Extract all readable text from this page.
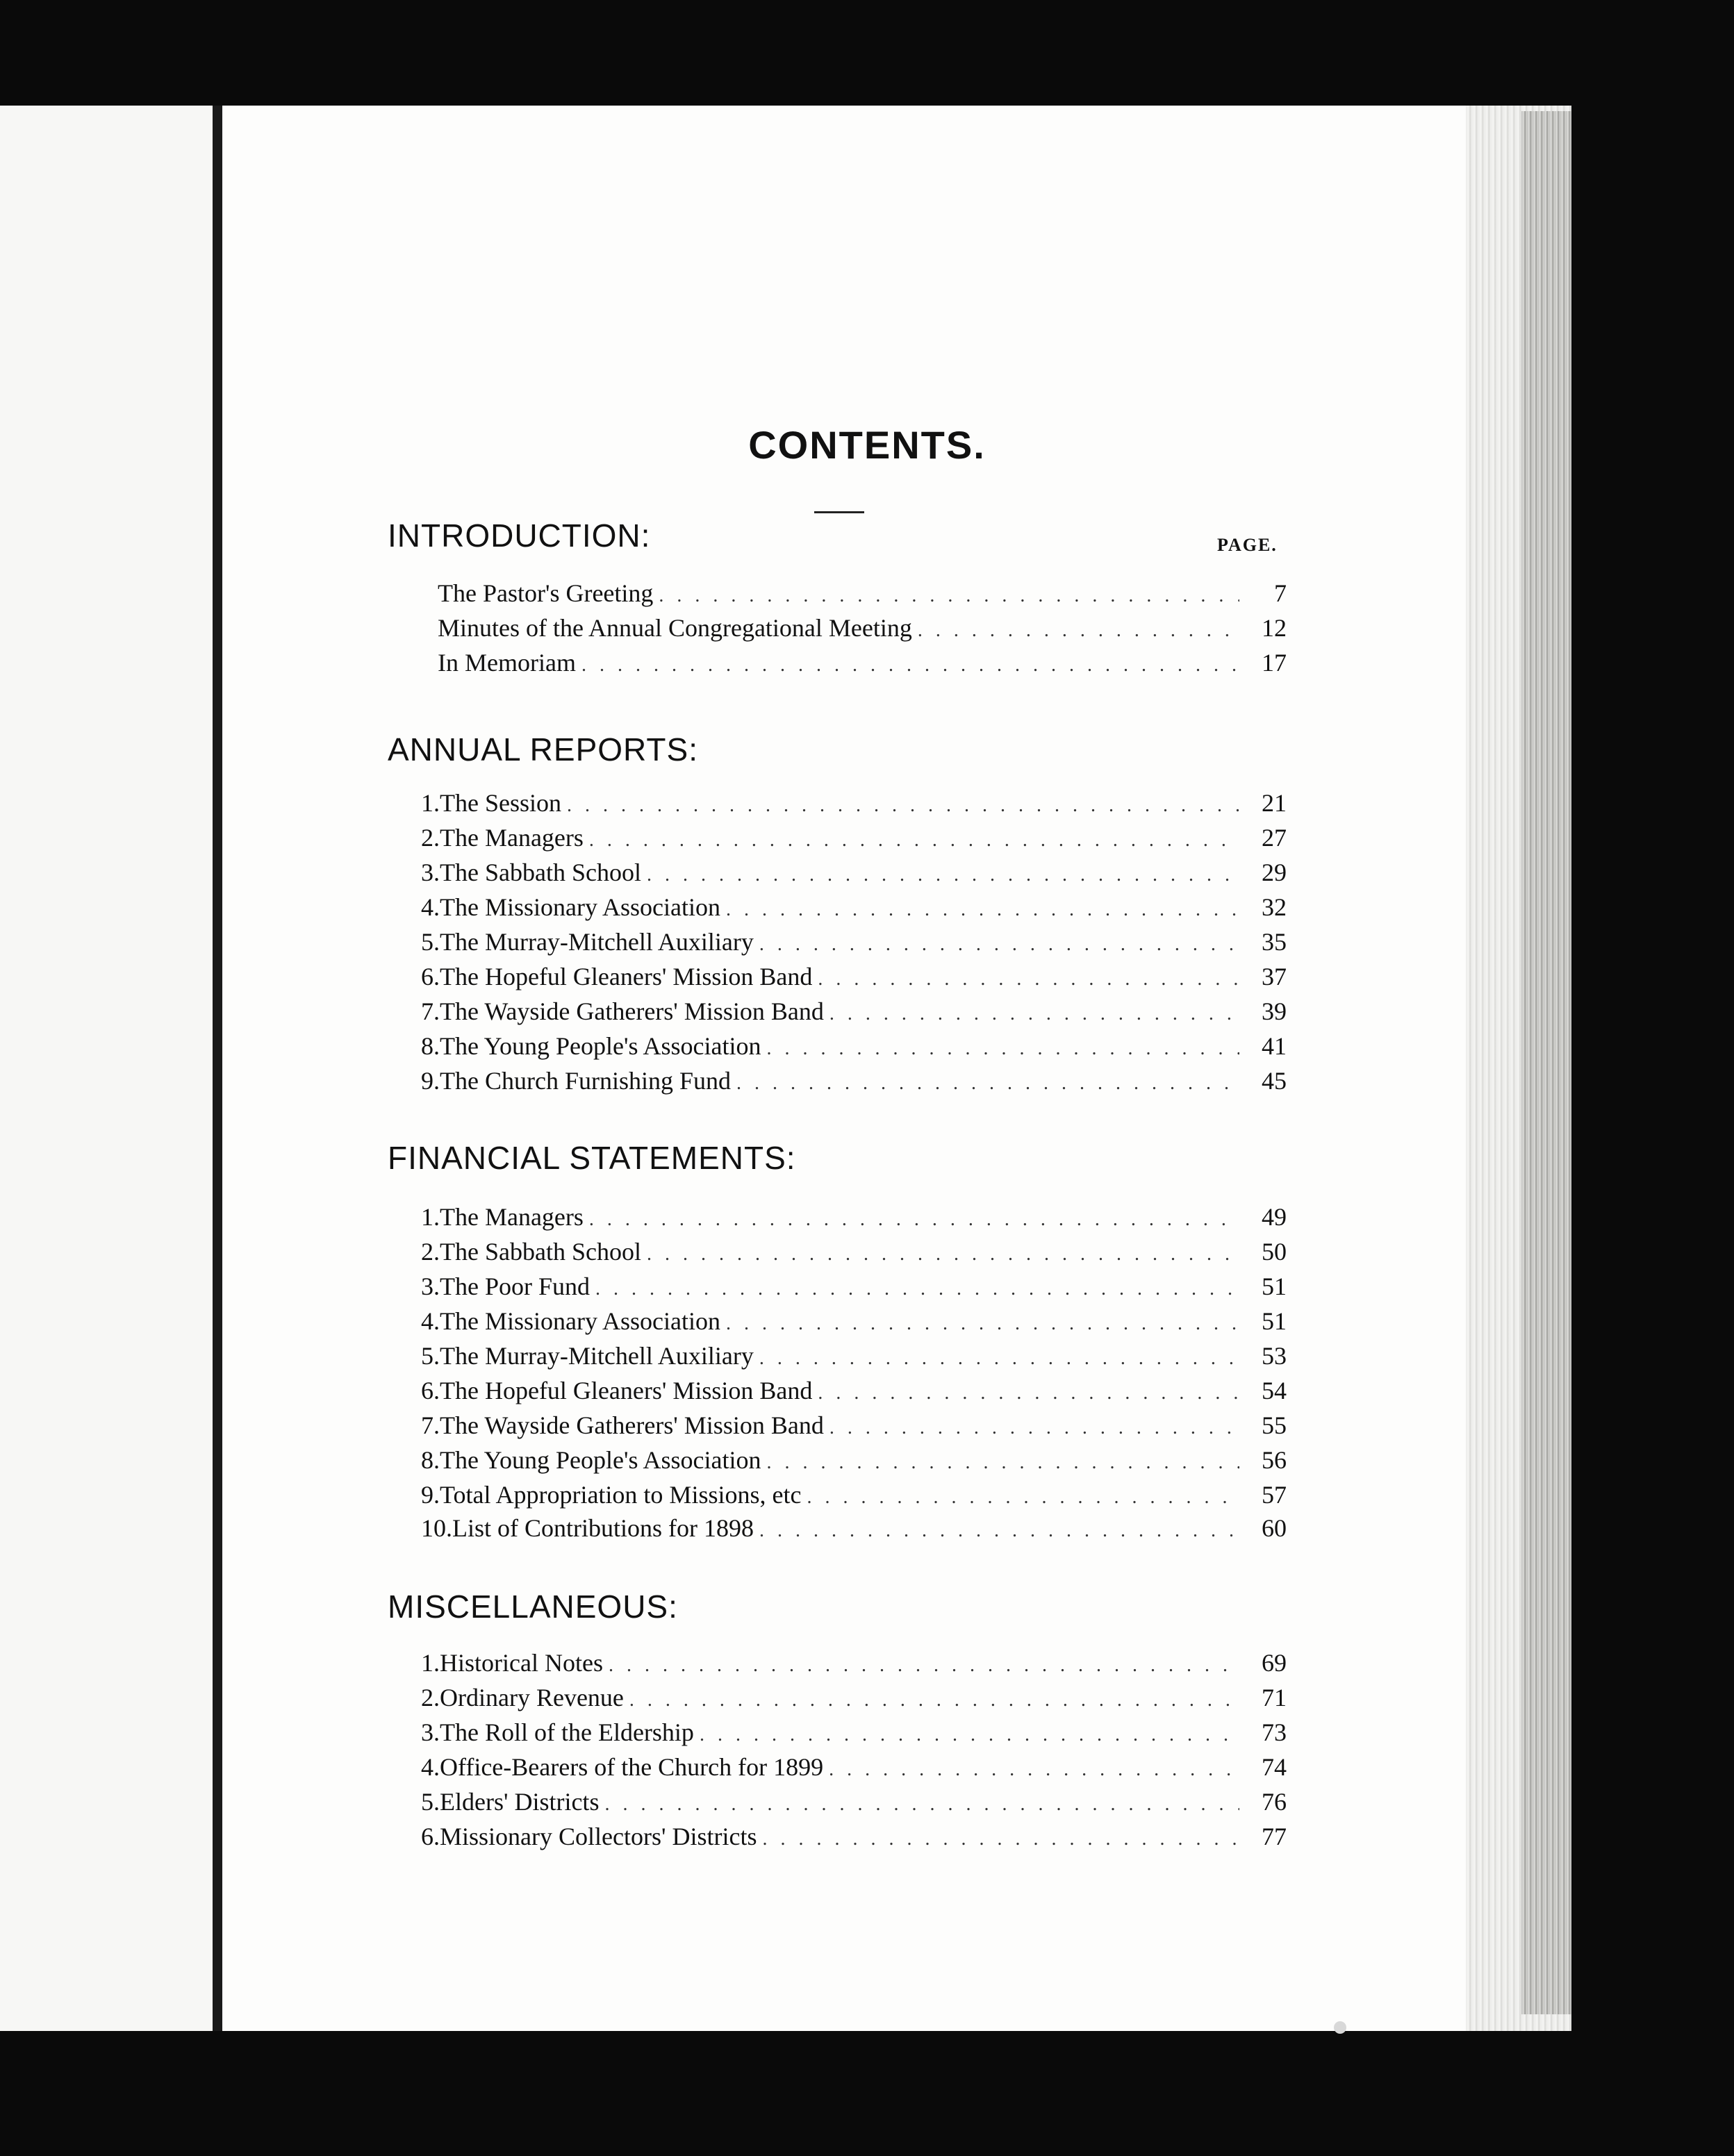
CONTENTS.
PAGE.
INTRODUCTION:
The Pastor's Greeting . . .	7
Minutes of the Annual Congregational Meeting . . .	12
In Memoriam . . .	17
ANNUAL REPORTS:
1. The Session . . .	21
2. The Managers . . .	27
3. The Sabbath School . . .	29
4. The Missionary Association . . .	32
5. The Murray-Mitchell Auxiliary . . .	35
6. The Hopeful Gleaners' Mission Band . . .	37
7. The Wayside Gatherers' Mission Band . . .	39
8. The Young People's Association . . .	41
9. The Church Furnishing Fund . . .	45
FINANCIAL STATEMENTS:
1. The Managers . . .	49
2. The Sabbath School . . .	50
3. The Poor Fund . . .	51
4. The Missionary Association . . .	51
5. The Murray-Mitchell Auxiliary . . .	53
6. The Hopeful Gleaners' Mission Band . . .	54
7. The Wayside Gatherers' Mission Band . . .	55
8. The Young People's Association . . .	56
9. Total Appropriation to Missions, etc . . .	57
10. List of Contributions for 1898 . . .	60
MISCELLANEOUS:
1. Historical Notes . . .	69
2. Ordinary Revenue . . .	71
3. The Roll of the Eldership . . .	73
4. Office-Bearers of the Church for 1899 . . .	74
5. Elders' Districts . . .	76
6. Missionary Collectors' Districts . . .	77
